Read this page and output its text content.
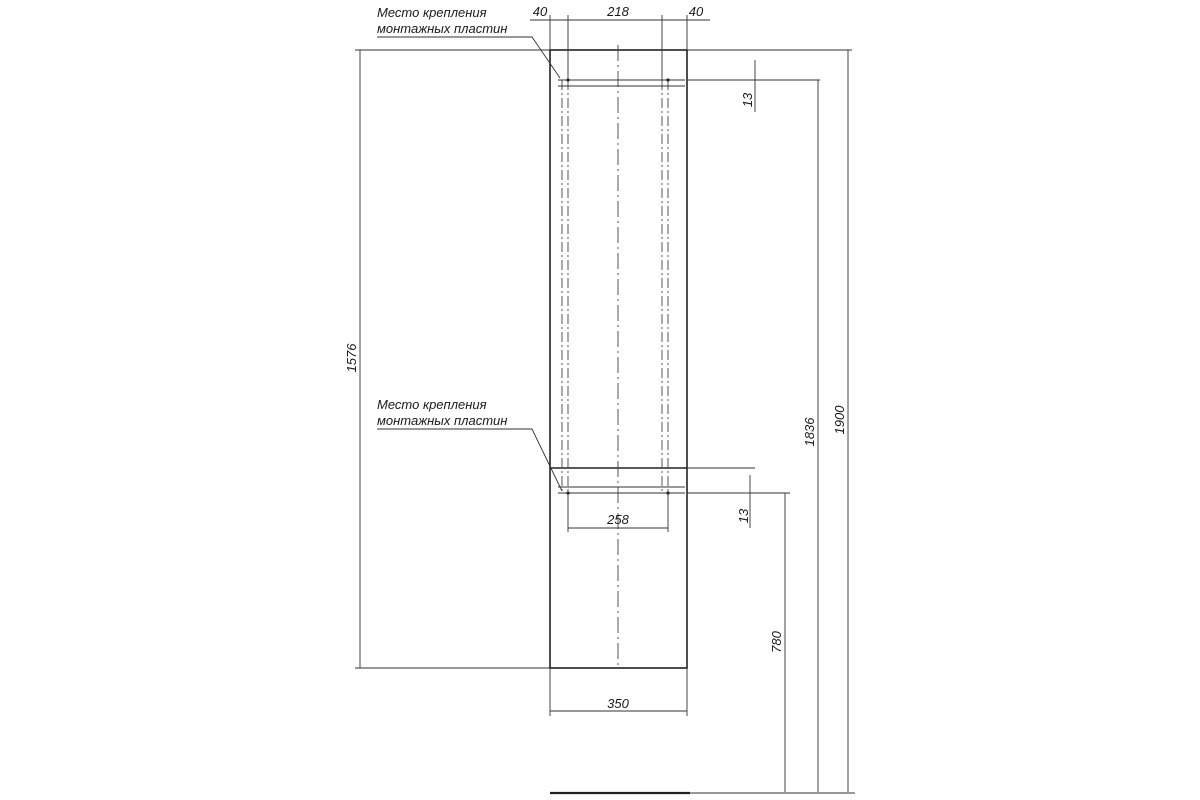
40	218	40
Место крепления
монтажных пластин
13
Место крепления
монтажных пластин
13
258
350
1576
1836 1900
780
